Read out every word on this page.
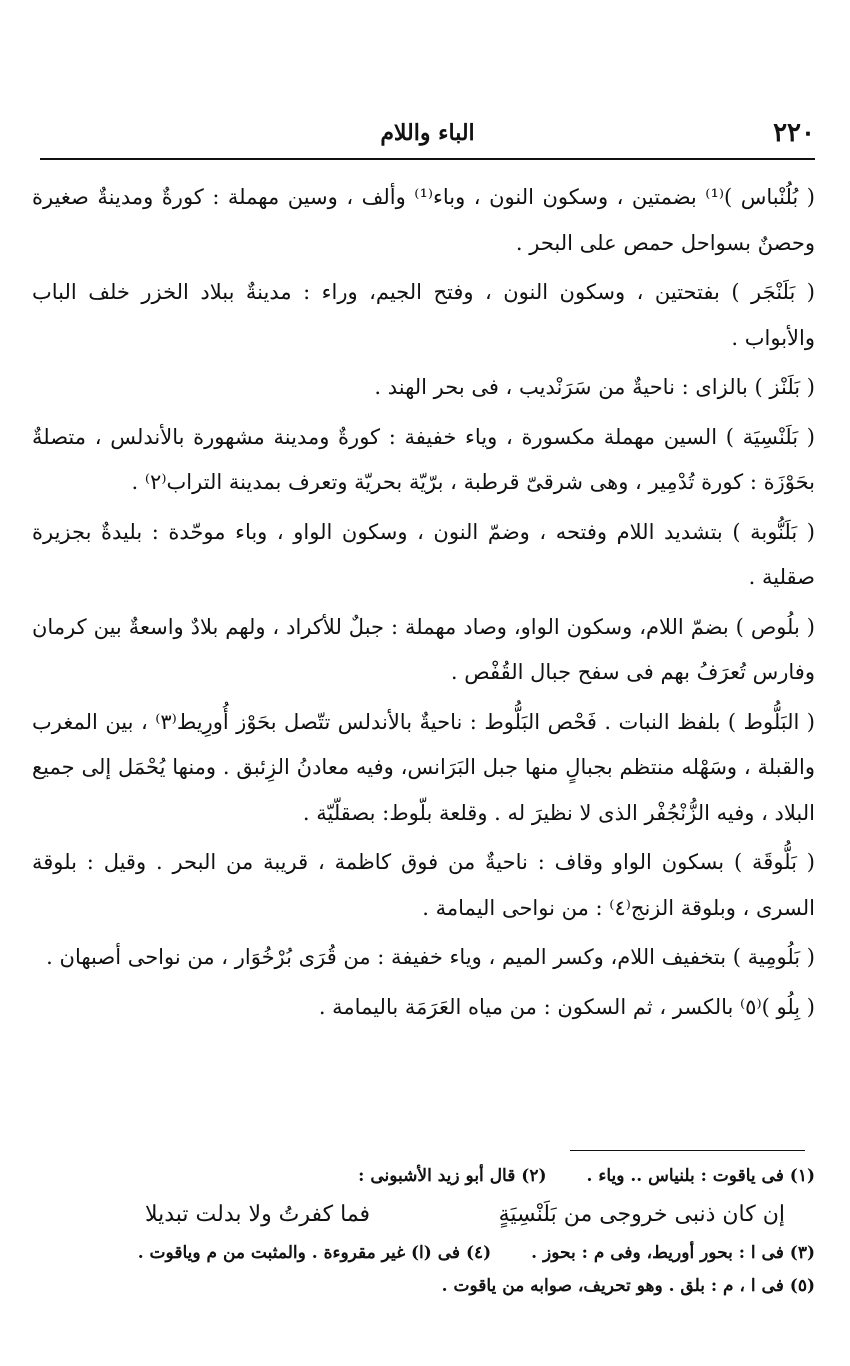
٢٢٠
الباء واللام

( بُلُنْباس )⁽¹⁾ بضمتين ، وسكون النون ، وباء⁽¹⁾ وألف ، وسين مهملة : كورةٌ ومدينةٌ صغيرة وحصنٌ بسواحل حمص على البحر .

( بَلَنْجَر ) بفتحتين ، وسكون النون ، وفتح الجيم، وراء : مدينةٌ ببلاد الخزر خلف الباب والأبواب .

( بَلَنْز ) بالزاى : ناحيةٌ من سَرَنْديب ، فى بحر الهند .

( بَلَنْسِيَة ) السين مهملة مكسورة ، وياء خفيفة : كورةٌ ومدينة مشهورة بالأندلس ، متصلةٌ بحَوْزَة : كورة تُدْمِير ، وهى شرقىّ قرطبة ، برّيّة بحريّة وتعرف بمدينة التراب⁽٢⁾ .

( بَلَنُّوبة ) بتشديد اللام وفتحه ، وضمّ النون ، وسكون الواو ، وباء موحّدة : بليدةٌ بجزيرة صقلية .

( بلُوص ) بضمّ اللام، وسكون الواو، وصاد مهملة : جبلٌ للأكراد ، ولهم بلادٌ واسعةٌ بين كرمان وفارس تُعرَفُ بهم فى سفح جبال القُفْص .

( البَلُّوط ) بلفظ النبات . فَحْص البَلُّوط : ناحيةٌ بالأندلس تتّصل بحَوْز أُورِيط⁽٣⁾ ، بين المغرب والقبلة ، وسَهْله منتظم بجبالٍ منها جبل البَرَانس، وفيه معادنُ الزِئبق . ومنها يُحْمَل إلى جميع البلاد ، وفيه الزُّنْجُفْر الذى لا نظيرَ له . وقلعة بلّوط: بصقلّيّة .

( بَلُّوقَة ) بسكون الواو وقاف : ناحيةٌ من فوق كاظمة ، قريبة من البحر . وقيل : بلوقة السرى ، وبلوقة الزنج⁽٤⁾ : من نواحى اليمامة .

( بَلُومِية ) بتخفيف اللام، وكسر الميم ، وياء خفيفة : من قُرَى بُرْخُوَار ، من نواحى أصبهان .

( بِلُو )⁽٥⁾ بالكسر ، ثم السكون : من مياه العَرَمَة باليمامة .

(١) فى ياقوت : بلنياس .. وياء .
(٢) قال أبو زيد الأشبونى :
إن كان ذنبى خروجى من بَلَنْسِيَةٍ
فما كفرتُ ولا بدلت تبديلا
(٣) فى ا : بحور أوريط، وفى م : بحوز .
(٤) فى (ا) غير مقروءة . والمثبت من م وياقوت .
(٥) فى ا ، م : بلق . وهو تحريف، صوابه من ياقوت .
